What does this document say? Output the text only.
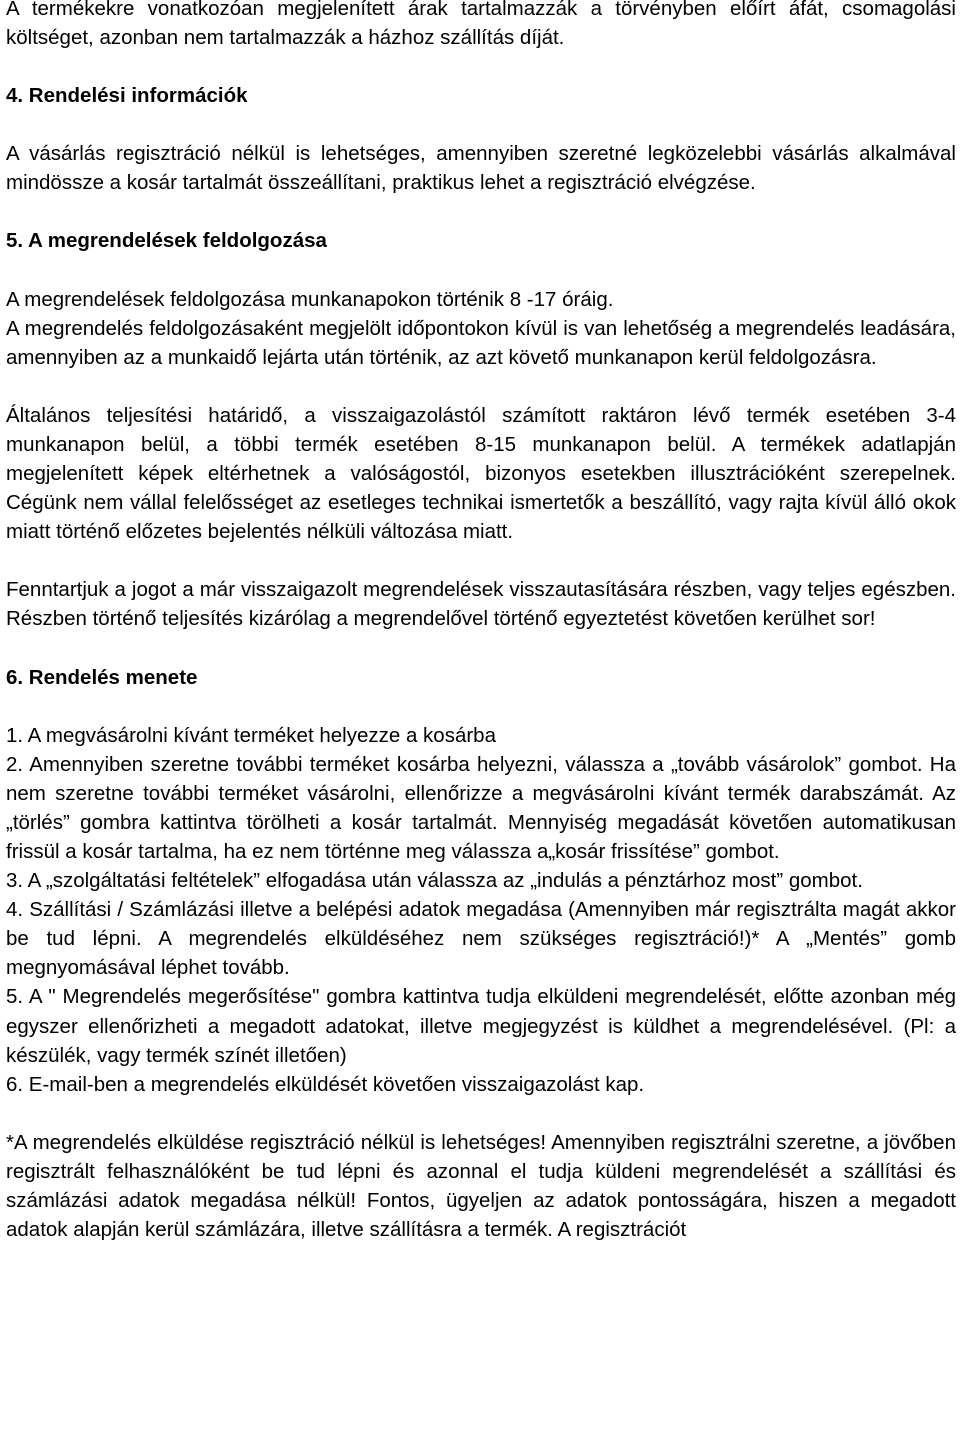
A termékekre vonatkozóan megjelenített árak tartalmazzák a törvényben előírt áfát, csomagolási költséget, azonban nem tartalmazzák a házhoz szállítás díját.

4. Rendelési információk

A vásárlás regisztráció nélkül is lehetséges, amennyiben szeretné legközelebbi vásárlás alkalmával mindössze a kosár tartalmát összeállítani, praktikus lehet a regisztráció elvégzése.

5. A megrendelések feldolgozása

A megrendelések feldolgozása munkanapokon történik 8 -17 óráig.

A megrendelés feldolgozásaként megjelölt időpontokon kívül is van lehetőség a megrendelés leadására, amennyiben az a munkaidő lejárta után történik, az azt követő munkanapon kerül feldolgozásra.

Általános teljesítési határidő, a visszaigazolástól számított raktáron lévő termék esetében 3-4 munkanapon belül, a többi termék esetében 8-15 munkanapon belül. A termékek adatlapján megjelenített képek eltérhetnek a valóságostól, bizonyos esetekben illusztrációként szerepelnek. Cégünk nem vállal felelősséget az esetleges technikai ismertetők a beszállító, vagy rajta kívül álló okok miatt történő előzetes bejelentés nélküli változása miatt.

Fenntartjuk a jogot a már visszaigazolt megrendelések visszautasítására részben, vagy teljes egészben. Részben történő teljesítés kizárólag a megrendelővel történő egyeztetést követően kerülhet sor!

6. Rendelés menete

1. A megvásárolni kívánt terméket helyezze a kosárba

2. Amennyiben szeretne további terméket kosárba helyezni, válassza a „tovább vásárolok” gombot. Ha nem szeretne további terméket vásárolni, ellenőrizze a megvásárolni kívánt termék darabszámát. Az „törlés” gombra kattintva törölheti a kosár tartalmát. Mennyiség megadását követően automatikusan frissül a kosár tartalma, ha ez nem történne meg válassza a„kosár frissítése” gombot.

3. A „szolgáltatási feltételek” elfogadása után válassza az „indulás a pénztárhoz most” gombot.

4. Szállítási / Számlázási illetve a belépési adatok megadása (Amennyiben már regisztrálta magát akkor be tud lépni. A megrendelés elküldéséhez nem szükséges regisztráció!)* A „Mentés” gomb megnyomásával léphet tovább.

5. A " Megrendelés megerősítése" gombra kattintva tudja elküldeni megrendelését, előtte azonban még egyszer ellenőrizheti a megadott adatokat, illetve megjegyzést is küldhet a megrendelésével. (Pl: a készülék, vagy termék színét illetően)

6. E-mail-ben a megrendelés elküldését követően visszaigazolást kap.

*A megrendelés elküldése regisztráció nélkül is lehetséges! Amennyiben regisztrálni szeretne, a jövőben regisztrált felhasználóként be tud lépni és azonnal el tudja küldeni megrendelését a szállítási és számlázási adatok megadása nélkül! Fontos, ügyeljen az adatok pontosságára, hiszen a megadott adatok alapján kerül számlázára, illetve szállításra a termék. A regisztrációt
